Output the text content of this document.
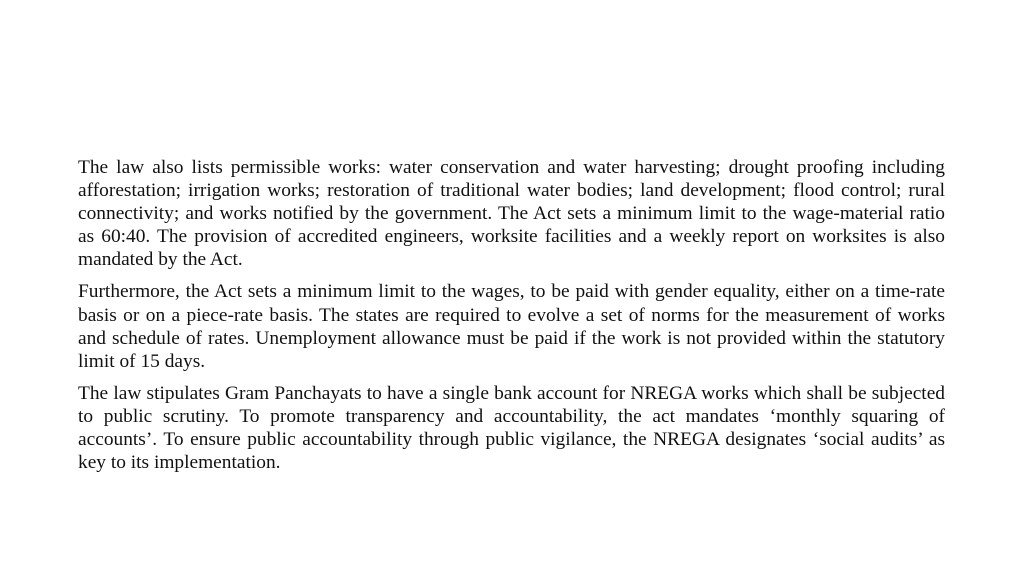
The law also lists permissible works: water conservation and water harvesting; drought proofing including afforestation; irrigation works; restoration of traditional water bodies; land development; flood control; rural connectivity; and works notified by the government. The Act sets a minimum limit to the wage-material ratio as 60:40. The provision of accredited engineers, worksite facilities and a weekly report on worksites is also mandated by the Act.

Furthermore, the Act sets a minimum limit to the wages, to be paid with gender equality, either on a time-rate basis or on a piece-rate basis. The states are required to evolve a set of norms for the measurement of works and schedule of rates. Unemployment allowance must be paid if the work is not provided within the statutory limit of 15 days.

The law stipulates Gram Panchayats to have a single bank account for NREGA works which shall be subjected to public scrutiny. To promote transparency and accountability, the act mandates ‘monthly squaring of accounts’. To ensure public accountability through public vigilance, the NREGA designates ‘social audits’ as key to its implementation.
